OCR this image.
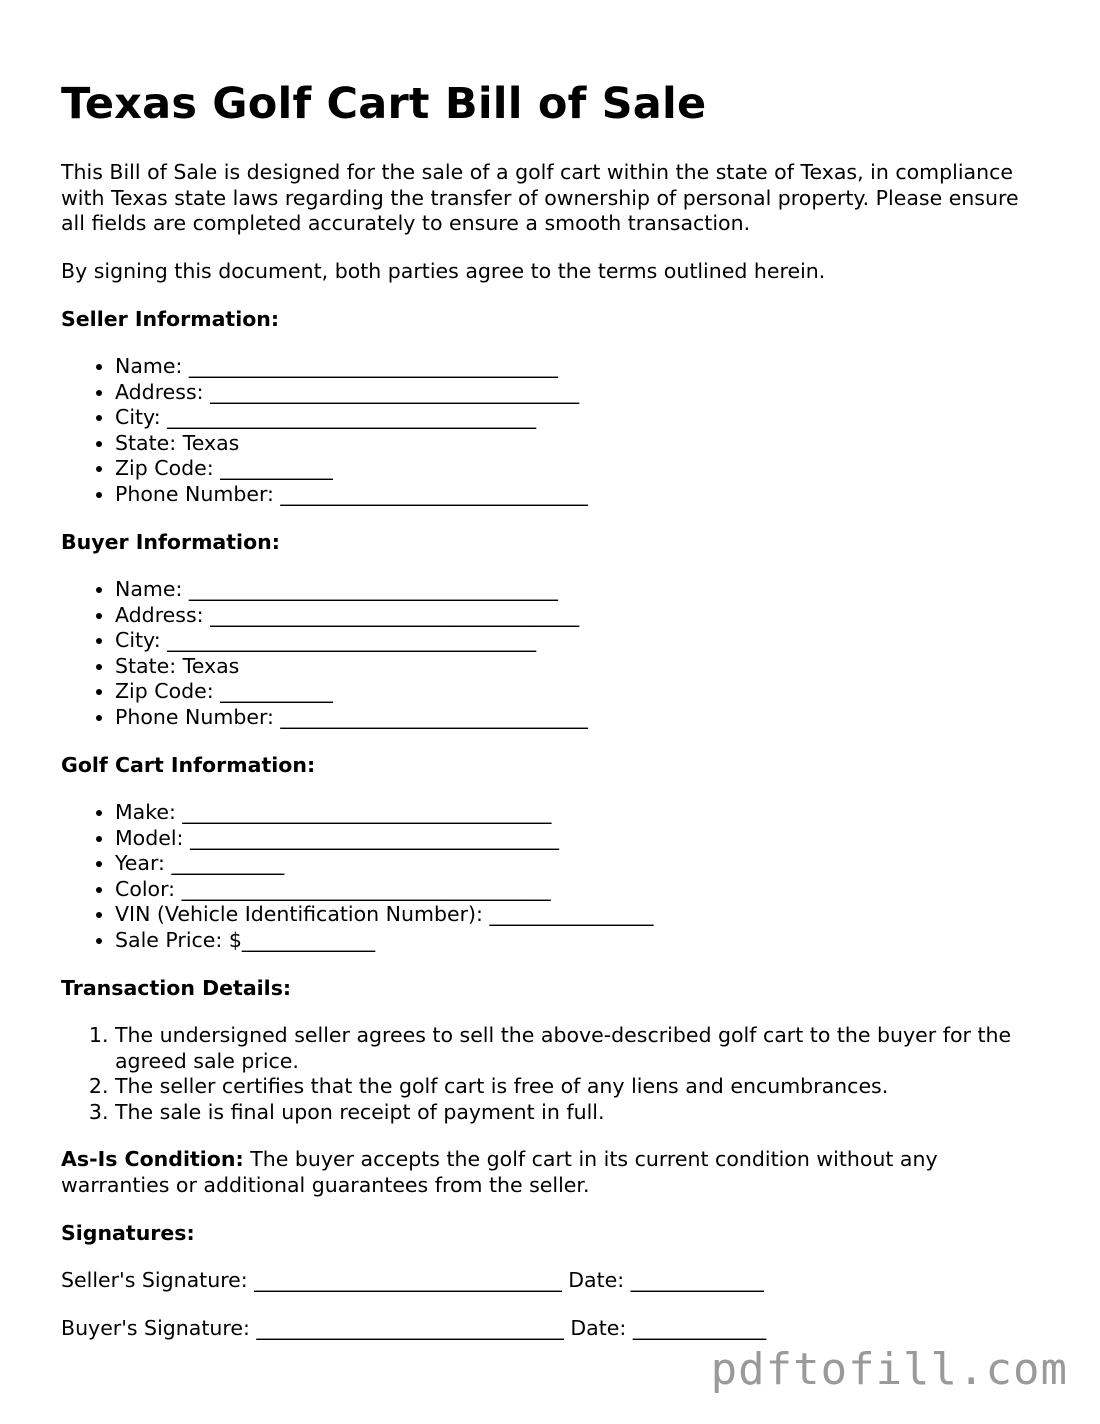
Texas Golf Cart Bill of Sale

This Bill of Sale is designed for the sale of a golf cart within the state of Texas, in compliance with Texas state laws regarding the transfer of ownership of personal property. Please ensure all fields are completed accurately to ensure a smooth transaction.

By signing this document, both parties agree to the terms outlined herein.

Seller Information:
• Name: ____________________________________
• Address: ____________________________________
• City: ____________________________________
• State: Texas
• Zip Code: ___________
• Phone Number: ______________________________
Buyer Information:
• Name: ____________________________________
• Address: ____________________________________
• City: ____________________________________
• State: Texas
• Zip Code: ___________
• Phone Number: ______________________________
Golf Cart Information:
• Make: ____________________________________
• Model: ____________________________________
• Year: ___________
• Color: ____________________________________
• VIN (Vehicle Identification Number): ________________
• Sale Price: $_____________
Transaction Details:
1. The undersigned seller agrees to sell the above-described golf cart to the buyer for the agreed sale price.
2. The seller certifies that the golf cart is free of any liens and encumbrances.
3. The sale is final upon receipt of payment in full.

As-Is Condition: The buyer accepts the golf cart in its current condition without any warranties or additional guarantees from the seller.

Signatures:
Seller's Signature: ______________________________ Date: _____________
Buyer's Signature: ______________________________ Date: _____________
pdftofill.com
